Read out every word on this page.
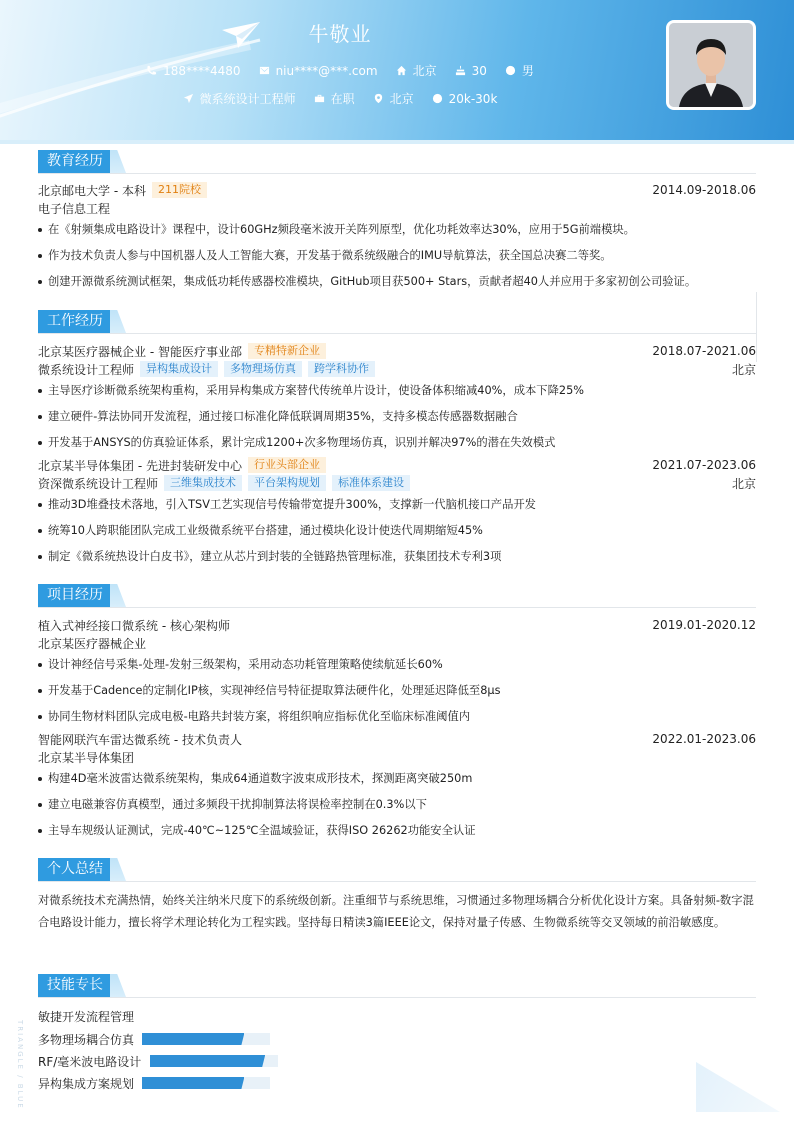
牛敬业
188****4480	niu****@***.com	北京	30	男
微系统设计工程师	在职	北京	20k-30k
教育经历
北京邮电大学 - 本科	211院校	2014.09-2018.06
电子信息工程
在《射频集成电路设计》课程中，设计60GHz频段毫米波开关阵列原型，优化功耗效率达30%，应用于5G前端模块。
作为技术负责人参与中国机器人及人工智能大赛，开发基于微系统级融合的IMU导航算法，获全国总决赛二等奖。
创建开源微系统测试框架，集成低功耗传感器校准模块，GitHub项目获500+ Stars，贡献者超40人并应用于多家初创公司验证。
工作经历
北京某医疗器械企业 - 智能医疗事业部	专精特新企业	2018.07-2021.06
微系统设计工程师	异构集成设计	多物理场仿真	跨学科协作	北京
主导医疗诊断微系统架构重构，采用异构集成方案替代传统单片设计，使设备体积缩减40%，成本下降25%
建立硬件-算法协同开发流程，通过接口标准化降低联调周期35%，支持多模态传感器数据融合
开发基于ANSYS的仿真验证体系，累计完成1200+次多物理场仿真，识别并解决97%的潜在失效模式
北京某半导体集团 - 先进封装研发中心	行业头部企业	2021.07-2023.06
资深微系统设计工程师	三维集成技术	平台架构规划	标准体系建设	北京
推动3D堆叠技术落地，引入TSV工艺实现信号传输带宽提升300%，支撑新一代脑机接口产品开发
统筹10人跨职能团队完成工业级微系统平台搭建，通过模块化设计使迭代周期缩短45%
制定《微系统热设计白皮书》，建立从芯片到封装的全链路热管理标准，获集团技术专利3项
项目经历
植入式神经接口微系统 - 核心架构师	2019.01-2020.12
北京某医疗器械企业
设计神经信号采集-处理-发射三级架构，采用动态功耗管理策略使续航延长60%
开发基于Cadence的定制化IP核，实现神经信号特征提取算法硬件化，处理延迟降低至8μs
协同生物材料团队完成电极-电路共封装方案，将组织响应指标优化至临床标准阈值内
智能网联汽车雷达微系统 - 技术负责人	2022.01-2023.06
北京某半导体集团
构建4D毫米波雷达微系统架构，集成64通道数字波束成形技术，探测距离突破250m
建立电磁兼容仿真模型，通过多频段干扰抑制算法将误检率控制在0.3%以下
主导车规级认证测试，完成-40℃~125℃全温域验证，获得ISO 26262功能安全认证
个人总结

对微系统技术充满热情，始终关注纳米尺度下的系统级创新。注重细节与系统思维，习惯通过多物理场耦合分析优化设计方案。具备射频-数字混合电路设计能力，擅长将学术理论转化为工程实践。坚持每日精读3篇IEEE论文，保持对量子传感、生物微系统等交叉领域的前沿敏感度。

技能专长
敏捷开发流程管理
多物理场耦合仿真
RF/毫米波电路设计
异构集成方案规划
TRIANGLE / BLUE
